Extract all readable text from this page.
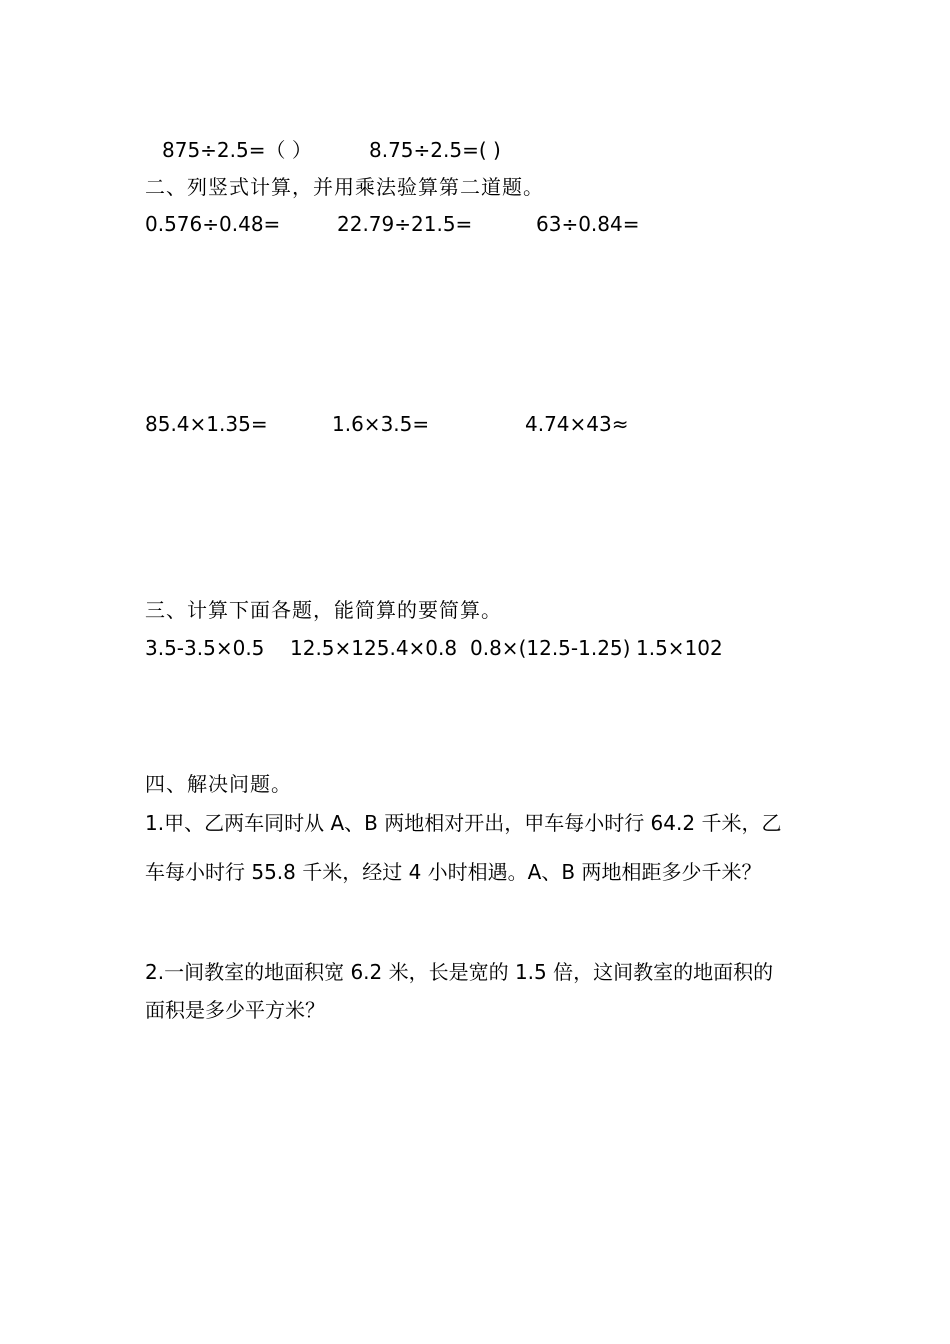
875÷2.5=（ ）	8.75÷2.5=( )
二、列竖式计算，并用乘法验算第二道题。
0.576÷0.48=	22.79÷21.5=	63÷0.84=
85.4×1.35=	1.6×3.5=	4.74×43≈
三、计算下面各题，能简算的要简算。
3.5-3.5×0.5 12.5×125.4×0.8 0.8×(12.5-1.25) 1.5×102
四、解决问题。
1.甲、乙两车同时从 A、B 两地相对开出，甲车每小时行 64.2 千米，乙
车每小时行 55.8 千米，经过 4 小时相遇。A、B 两地相距多少千米？
2.一间教室的地面积宽 6.2 米，长是宽的 1.5 倍，这间教室的地面积的
面积是多少平方米？
